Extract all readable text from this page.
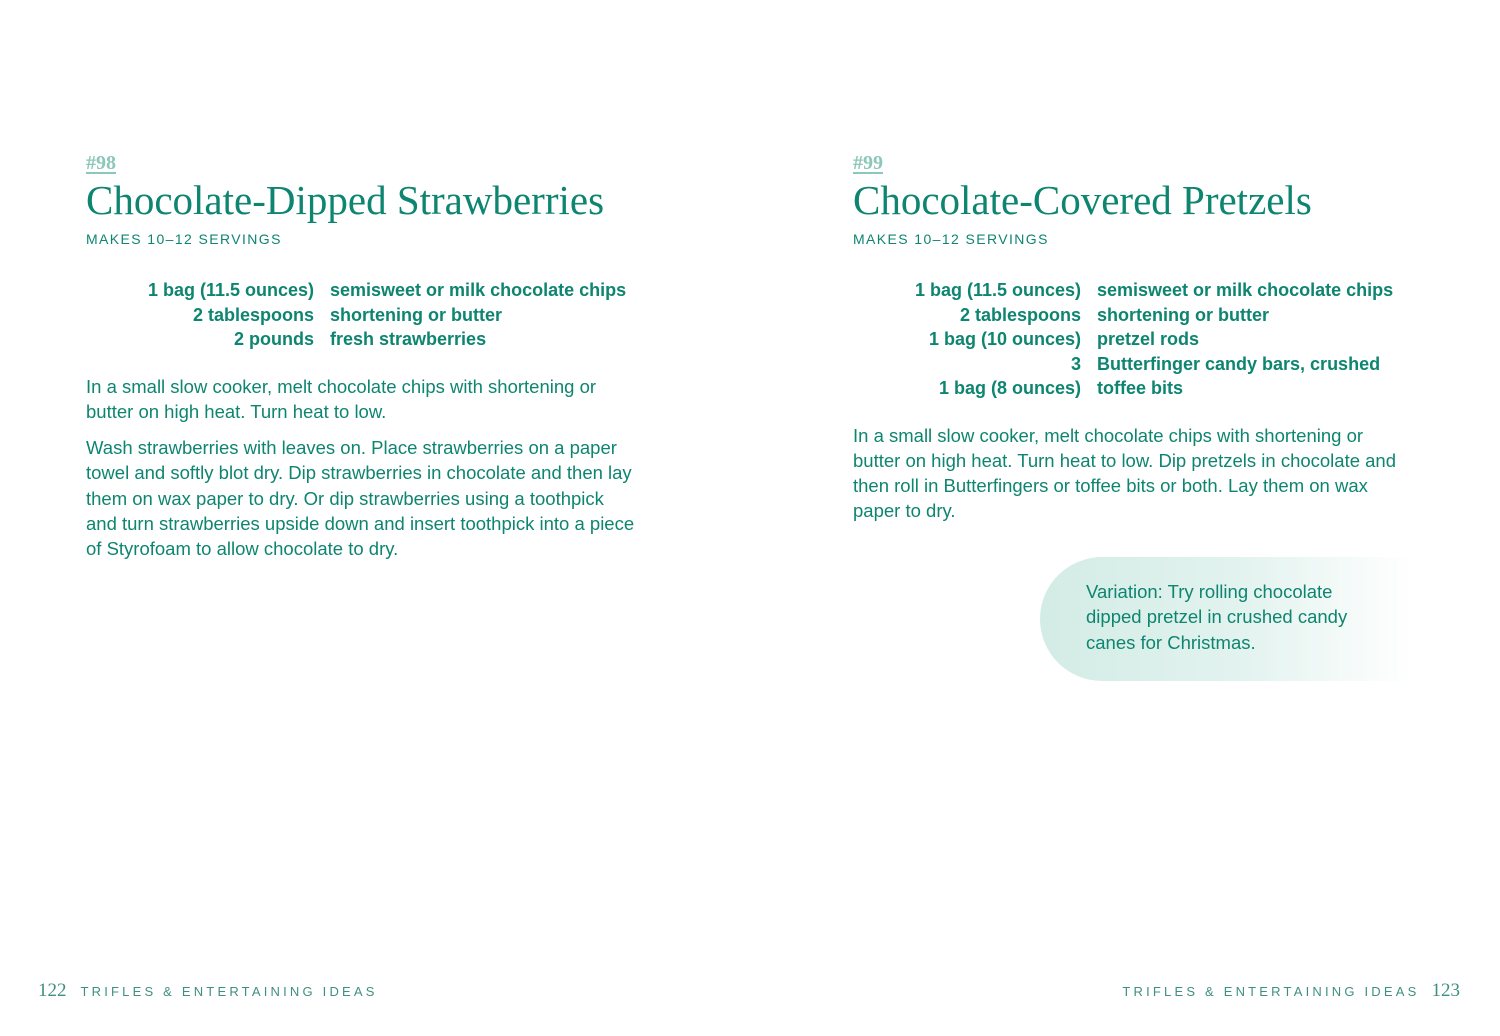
#98

Chocolate-Dipped Strawberries
MAKES 10–12 SERVINGS
1 bag (11.5 ounces)	semisweet or milk chocolate chips
2 tablespoons	shortening or butter
2 pounds	fresh strawberries

In a small slow cooker, melt chocolate chips with shortening or butter on high heat. Turn heat to low.

Wash strawberries with leaves on. Place strawberries on a paper towel and softly blot dry. Dip strawberries in chocolate and then lay them on wax paper to dry. Or dip strawberries using a toothpick and turn strawberries upside down and insert toothpick into a piece of Styrofoam to allow chocolate to dry.

122 TRIFLES & ENTERTAINING IDEAS

#99

Chocolate-Covered Pretzels
MAKES 10–12 SERVINGS
1 bag (11.5 ounces)	semisweet or milk chocolate chips
2 tablespoons	shortening or butter
1 bag (10 ounces)	pretzel rods
3	Butterfinger candy bars, crushed
1 bag (8 ounces)	toffee bits

In a small slow cooker, melt chocolate chips with shortening or butter on high heat. Turn heat to low. Dip pretzels in chocolate and then roll in Butterfingers or toffee bits or both. Lay them on wax paper to dry.

Variation: Try rolling chocolate dipped pretzel in crushed candy canes for Christmas.

TRIFLES & ENTERTAINING IDEAS 123
